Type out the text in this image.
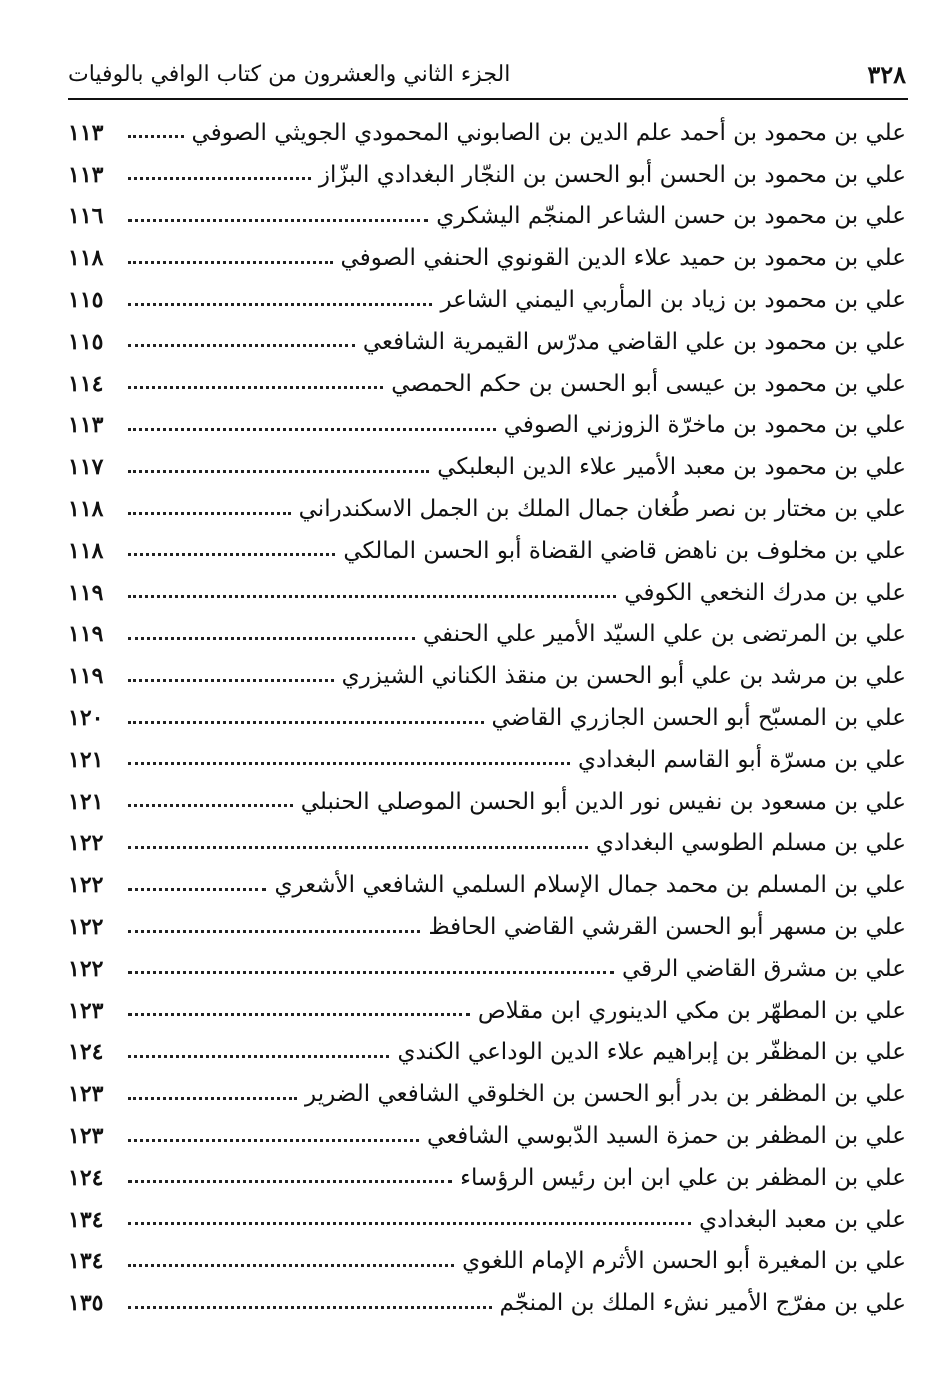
٣٢٨
الجزء الثاني والعشرون من كتاب الوافي بالوفيات
علي بن محمود بن أحمد علم الدين بن الصابوني المحمودي الجويثي الصوفي
١١٣
علي بن محمود بن الحسن أبو الحسن بن النجّار البغدادي البزّاز
١١٣
علي بن محمود بن حسن الشاعر المنجّم اليشكري
١١٦
علي بن محمود بن حميد علاء الدين القونوي الحنفي الصوفي
١١٨
علي بن محمود بن زياد بن المأربي اليمني الشاعر
١١٥
علي بن محمود بن علي القاضي مدرّس القيمرية الشافعي
١١٥
علي بن محمود بن عيسى أبو الحسن بن حكم الحمصي
١١٤
علي بن محمود بن ماخرّة الزوزني الصوفي
١١٣
علي بن محمود بن معبد الأمير علاء الدين البعلبكي
١١٧
علي بن مختار بن نصر طُغان جمال الملك بن الجمل الاسكندراني
١١٨
علي بن مخلوف بن ناهض قاضي القضاة أبو الحسن المالكي
١١٨
علي بن مدرك النخعي الكوفي
١١٩
علي بن المرتضى بن علي السيّد الأمير علي الحنفي
١١٩
علي بن مرشد بن علي أبو الحسن بن منقذ الكناني الشيزري
١١٩
علي بن المسبّح أبو الحسن الجازري القاضي
١٢٠
علي بن مسرّة أبو القاسم البغدادي
١٢١
علي بن مسعود بن نفيس نور الدين أبو الحسن الموصلي الحنبلي
١٢١
علي بن مسلم الطوسي البغدادي
١٢٢
علي بن المسلم بن محمد جمال الإسلام السلمي الشافعي الأشعري
١٢٢
علي بن مسهر أبو الحسن القرشي القاضي الحافظ
١٢٢
علي بن مشرق القاضي الرقي
١٢٢
علي بن المطهّر بن مكي الدينوري ابن مقلاص
١٢٣
علي بن المظفّر بن إبراهيم علاء الدين الوداعي الكندي
١٢٤
علي بن المظفر بن بدر أبو الحسن بن الخلوقي الشافعي الضرير
١٢٣
علي بن المظفر بن حمزة السيد الدّبوسي الشافعي
١٢٣
علي بن المظفر بن علي ابن ابن رئيس الرؤساء
١٢٤
علي بن معبد البغدادي
١٣٤
علي بن المغيرة أبو الحسن الأثرم الإمام اللغوي
١٣٤
علي بن مفرّج الأمير نشء الملك بن المنجّم
١٣٥
